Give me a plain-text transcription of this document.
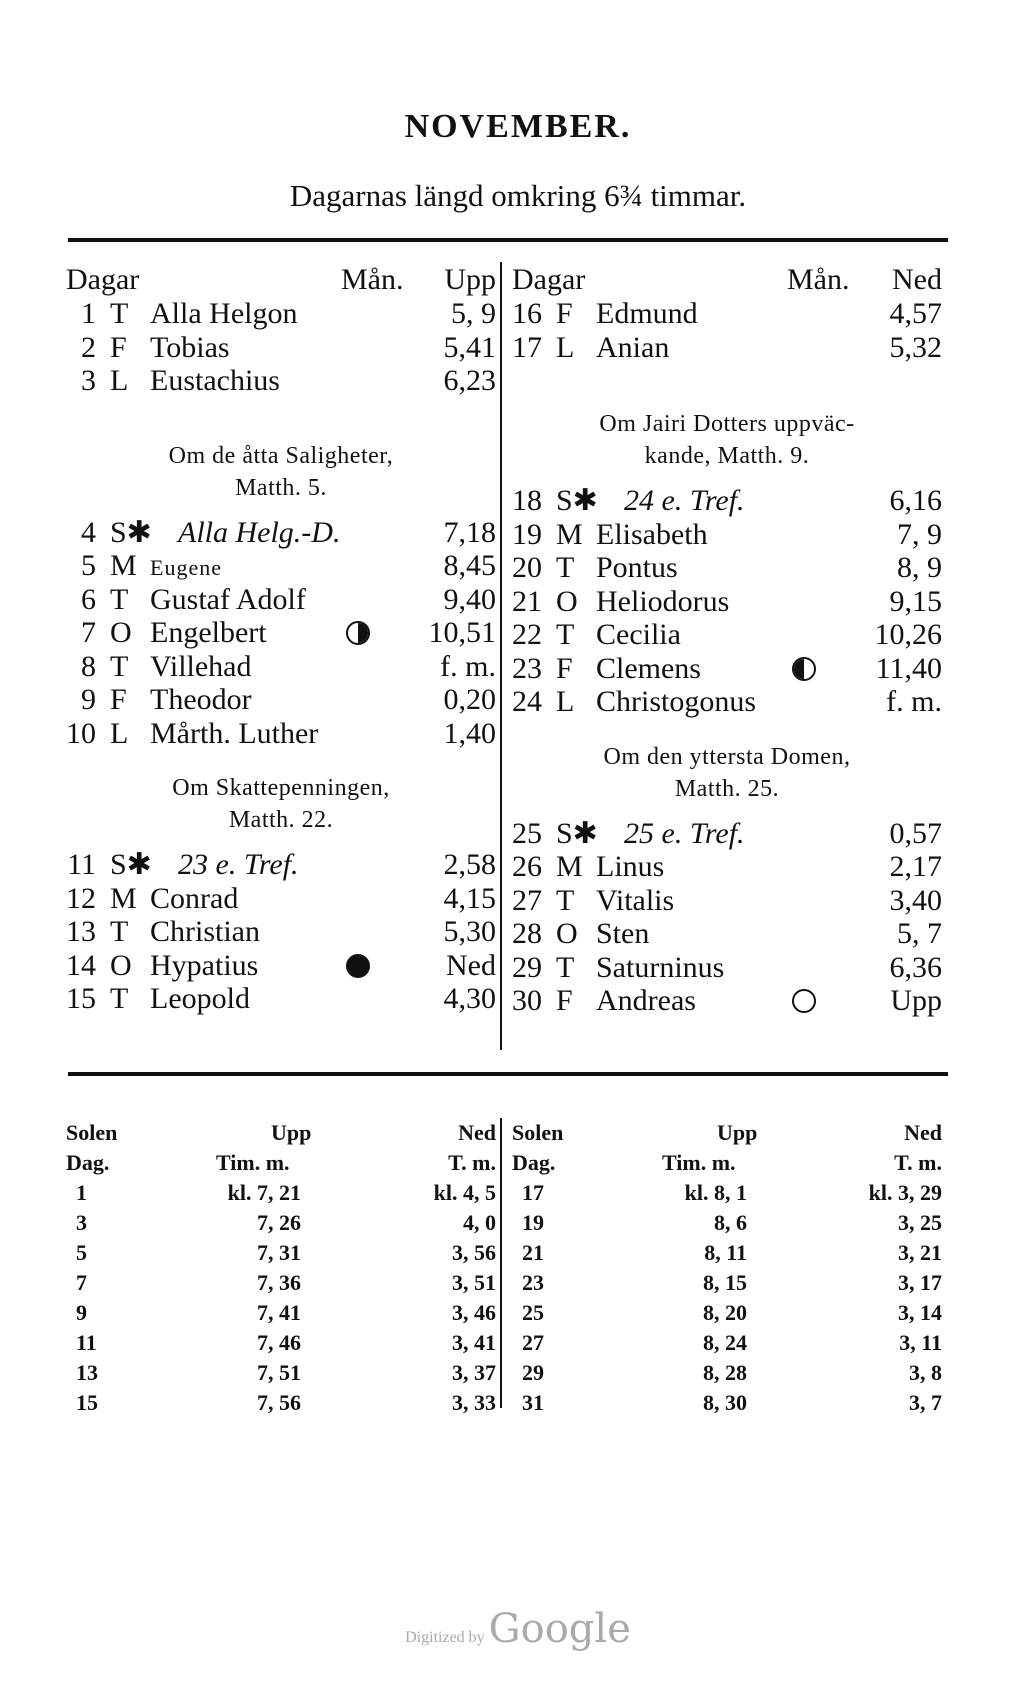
NOVEMBER.
Dagarnas längd omkring 6¾ timmar.
Dagar	Mån. Upp
1 T Alla Helgon	5, 9
2 F Tobias	5,41
3 L Eustachius	6,23
Om de åtta Saligheter,
Matth. 5.
4 S✱ Alla Helg.-D.	7,18
5 M Eugene	8,45
6 T Gustaf Adolf	9,40
7 O Engelbert	10,51
8 T Villehad	f. m.
9 F Theodor	0,20
10 L Mårth. Luther	1,40
Om Skattepenningen,
Matth. 22.
11 S✱ 23 e. Tref.	2,58
12 M Conrad	4,15
13 T Christian	5,30
14 O Hypatius	Ned
15 T Leopold	4,30
Dagar	Mån. Ned
16 F Edmund	4,57
17 L Anian	5,32
Om Jairi Dotters uppväc-
kande, Matth. 9.
18 S✱ 24 e. Tref.	6,16
19 M Elisabeth	7, 9
20 T Pontus	8, 9
21 O Heliodorus	9,15
22 T Cecilia	10,26
23 F Clemens	11,40
24 L Christogonus	f. m.
Om den yttersta Domen,
Matth. 25.
25 S✱ 25 e. Tref.	0,57
26 M Linus	2,17
27 T Vitalis	3,40
28 O Sten	5, 7
29 T Saturninus	6,36
30 F Andreas	Upp
Solen	Upp	Ned
Dag.	Tim. m.	T. m.
1	kl. 7, 21	kl. 4, 5
3	7, 26	4, 0
5	7, 31	3, 56
7	7, 36	3, 51
9	7, 41	3, 46
11	7, 46	3, 41
13	7, 51	3, 37
15	7, 56	3, 33
Solen	Upp	Ned
Dag.	Tim. m.	T. m.
17	kl. 8, 1	kl. 3, 29
19	8, 6	3, 25
21	8, 11	3, 21
23	8, 15	3, 17
25	8, 20	3, 14
27	8, 24	3, 11
29	8, 28	3, 8
31	8, 30	3, 7
Digitized by Google
